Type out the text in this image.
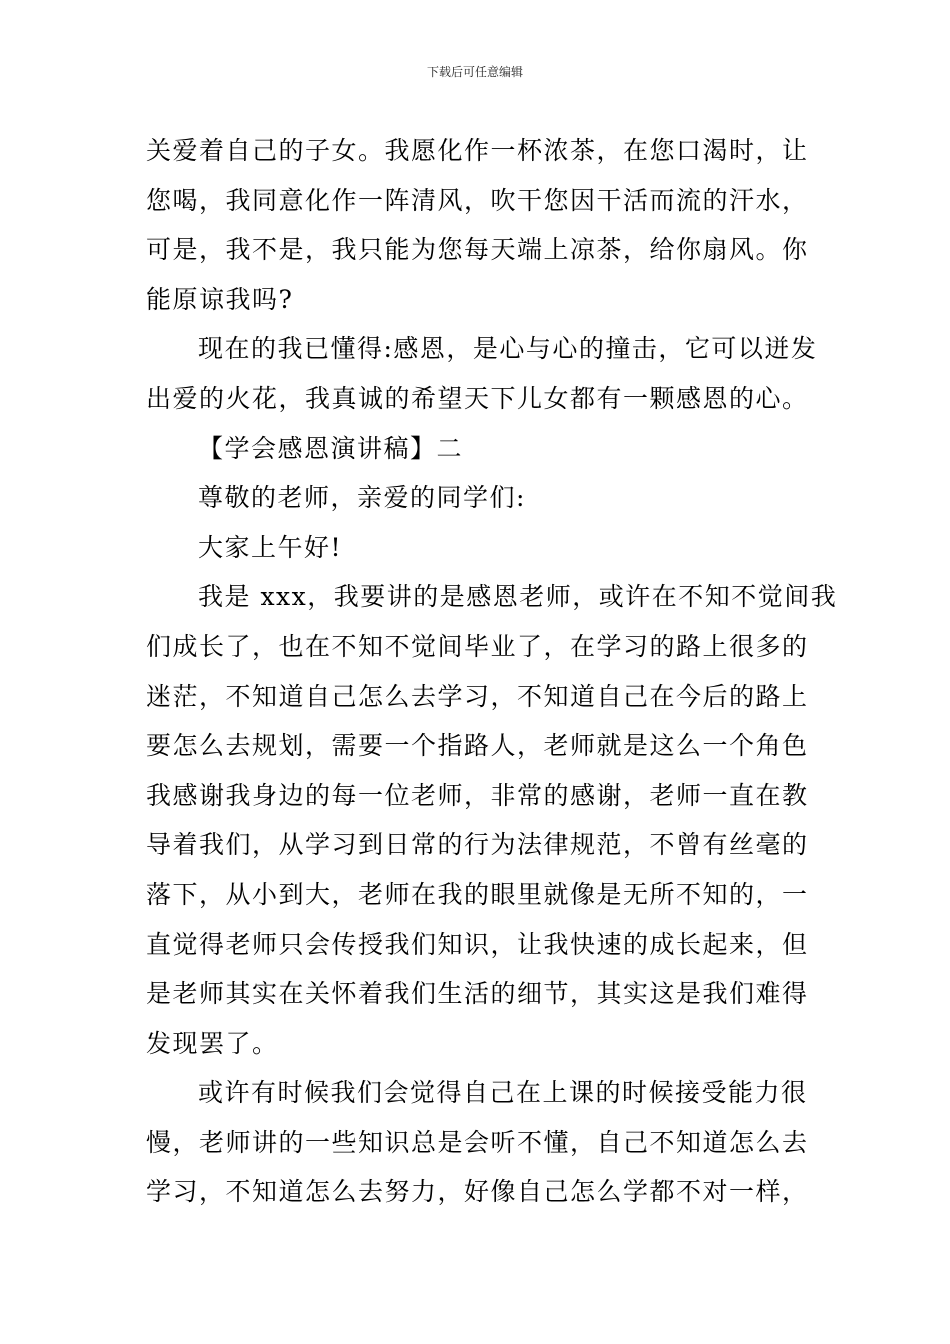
下载后可任意编辑
关爱着自己的子女。我愿化作一杯浓茶，在您口渴时，让
您喝，我同意化作一阵清风，吹干您因干活而流的汗水，
可是，我不是，我只能为您每天端上凉茶，给你扇风。你
能原谅我吗?
现在的我已懂得:感恩，是心与心的撞击，它可以迸发
出爱的火花，我真诚的希望天下儿女都有一颗感恩的心。
【学会感恩演讲稿】二
尊敬的老师，亲爱的同学们:
大家上午好!
我是 xxx，我要讲的是感恩老师，或许在不知不觉间我
们成长了，也在不知不觉间毕业了，在学习的路上很多的
迷茫，不知道自己怎么去学习，不知道自己在今后的路上
要怎么去规划，需要一个指路人，老师就是这么一个角色
我感谢我身边的每一位老师，非常的感谢，老师一直在教
导着我们，从学习到日常的行为法律规范，不曾有丝毫的
落下，从小到大，老师在我的眼里就像是无所不知的，一
直觉得老师只会传授我们知识，让我快速的成长起来，但
是老师其实在关怀着我们生活的细节，其实这是我们难得
发现罢了。
或许有时候我们会觉得自己在上课的时候接受能力很
慢，老师讲的一些知识总是会听不懂，自己不知道怎么去
学习，不知道怎么去努力，好像自己怎么学都不对一样，
